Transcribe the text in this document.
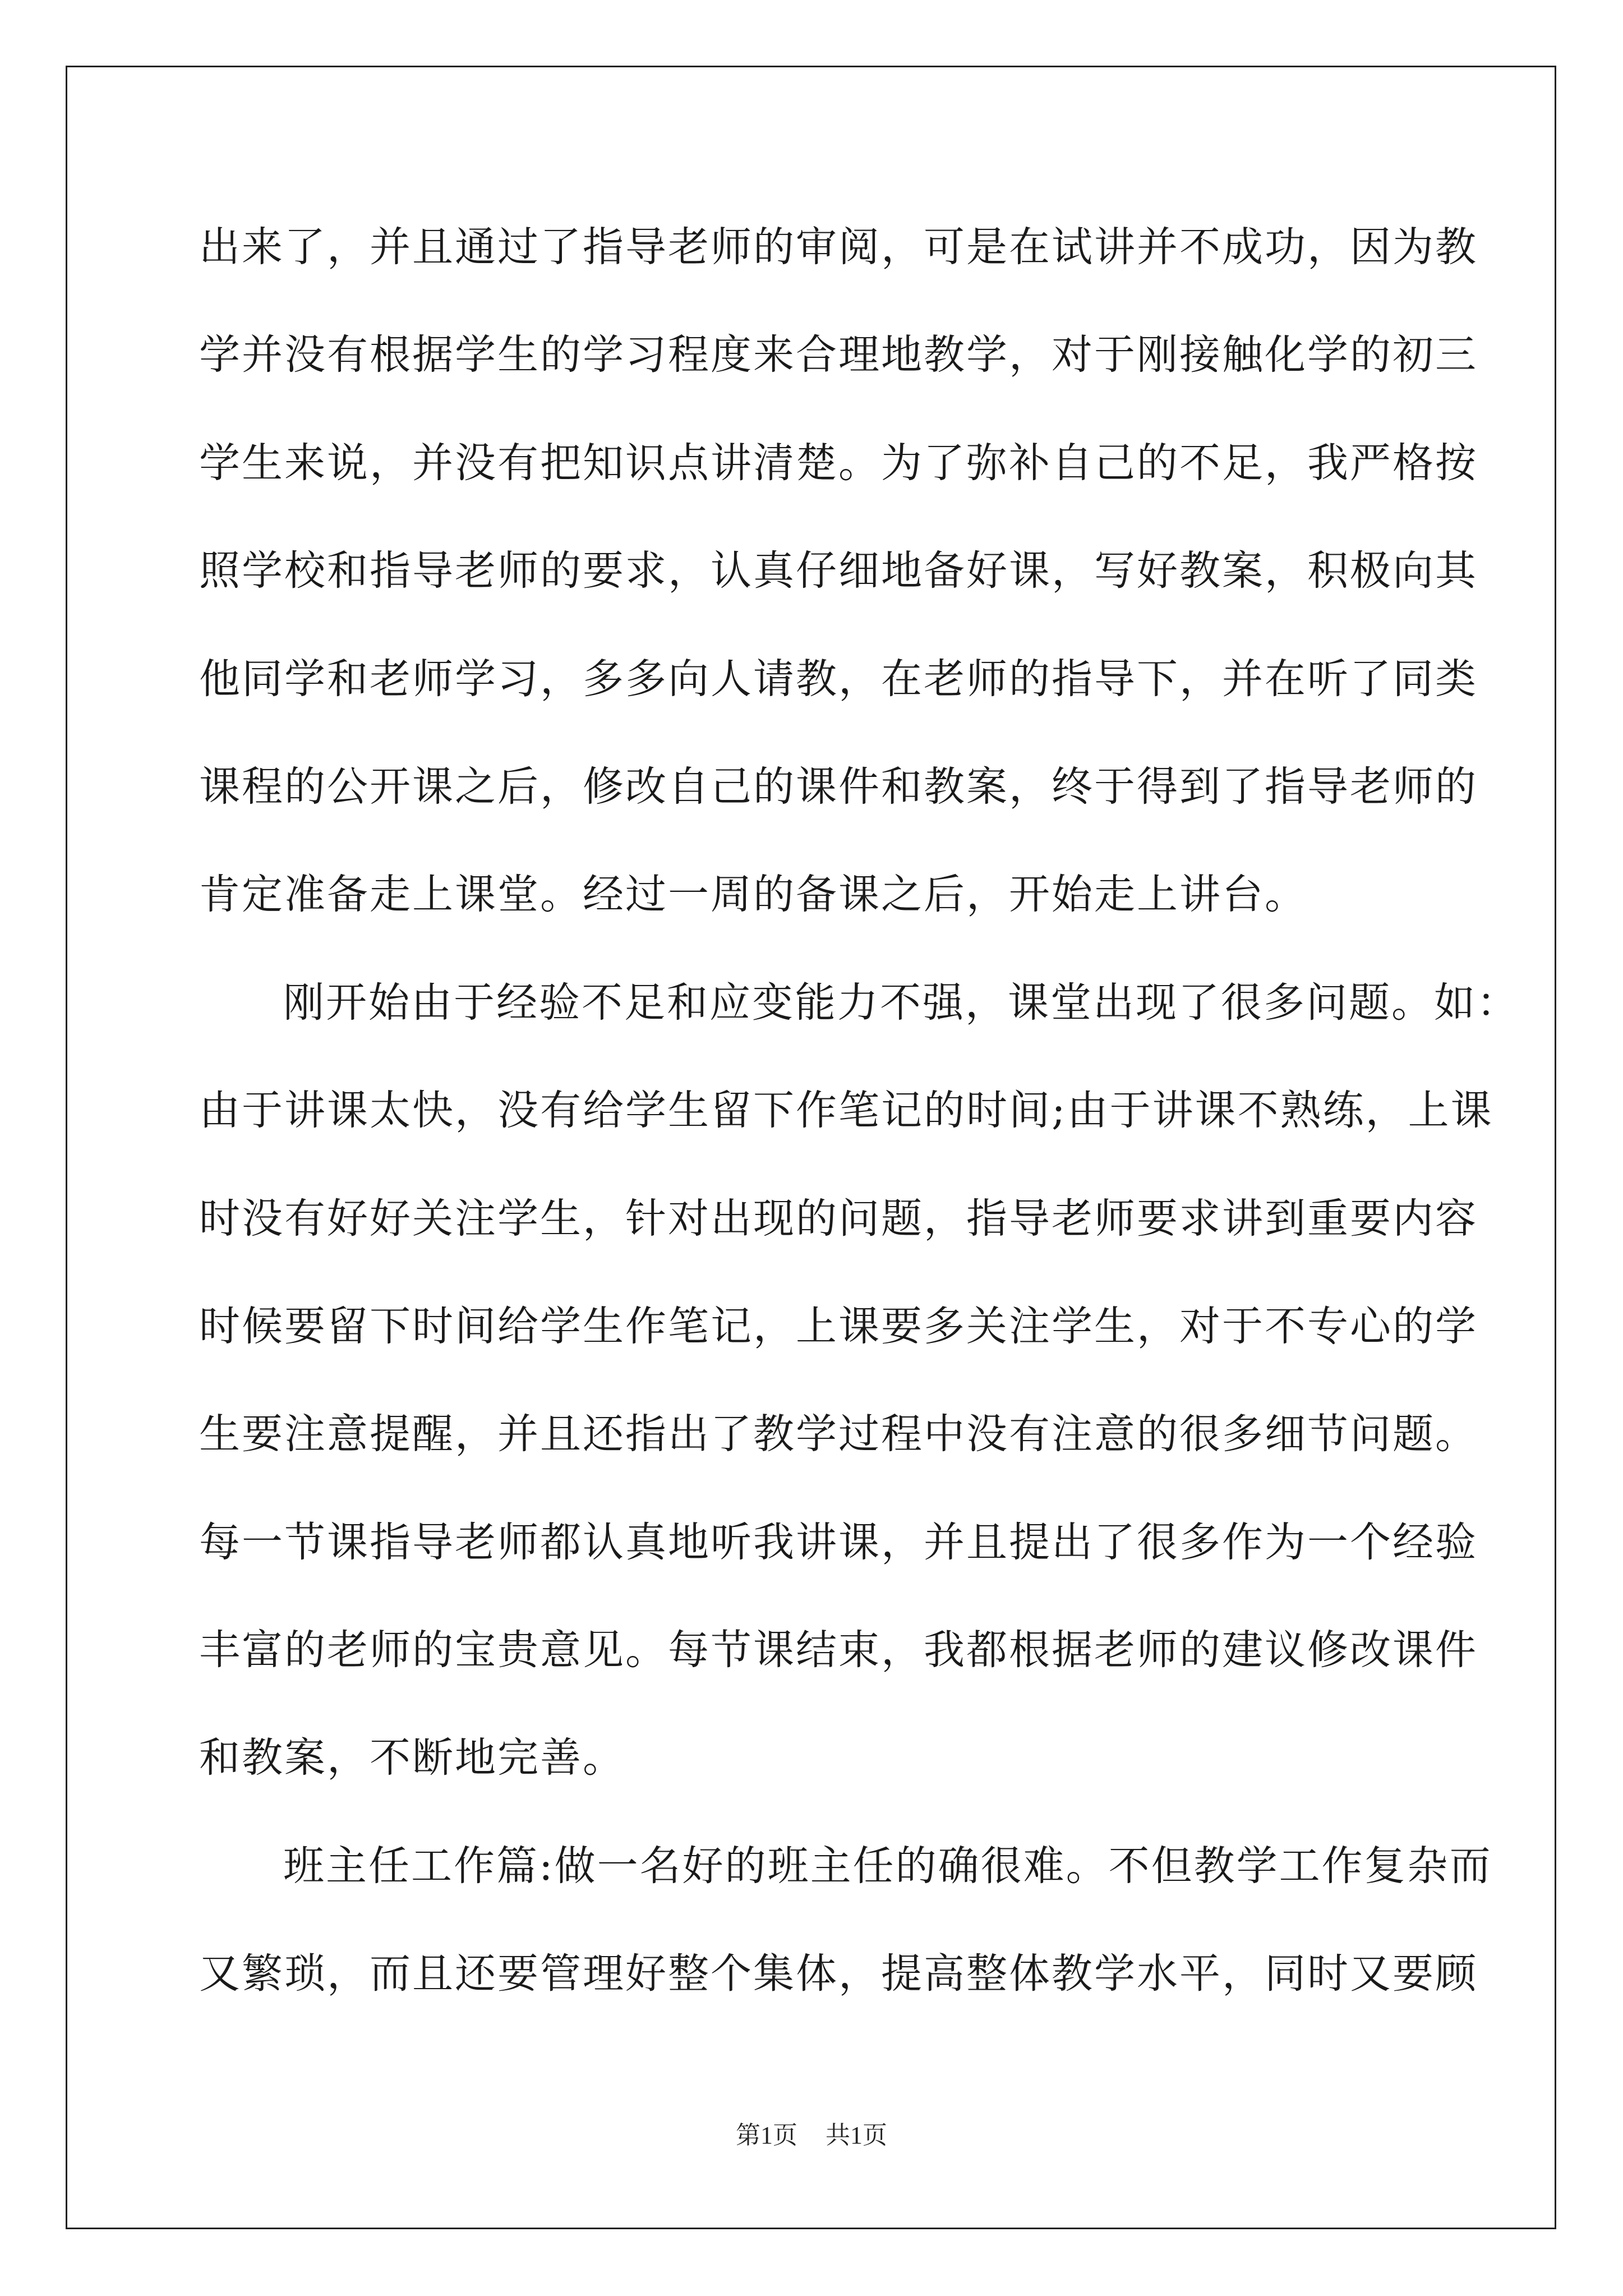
出来了，并且通过了指导老师的审阅，可是在试讲并不成功，因为教
学并没有根据学生的学习程度来合理地教学，对于刚接触化学的初三
学生来说，并没有把知识点讲清楚。为了弥补自己的不足，我严格按
照学校和指导老师的要求，认真仔细地备好课，写好教案，积极向其
他同学和老师学习，多多向人请教，在老师的指导下，并在听了同类
课程的公开课之后，修改自己的课件和教案，终于得到了指导老师的
肯定准备走上课堂。经过一周的备课之后，开始走上讲台。
刚开始由于经验不足和应变能力不强，课堂出现了很多问题。如：
由于讲课太快，没有给学生留下作笔记的时间;由于讲课不熟练，上课
时没有好好关注学生，针对出现的问题，指导老师要求讲到重要内容
时候要留下时间给学生作笔记，上课要多关注学生，对于不专心的学
生要注意提醒，并且还指出了教学过程中没有注意的很多细节问题。
每一节课指导老师都认真地听我讲课，并且提出了很多作为一个经验
丰富的老师的宝贵意见。每节课结束，我都根据老师的建议修改课件
和教案，不断地完善。
班主任工作篇:做一名好的班主任的确很难。不但教学工作复杂而
又繁琐，而且还要管理好整个集体，提高整体教学水平，同时又要顾
第1页 共1页
